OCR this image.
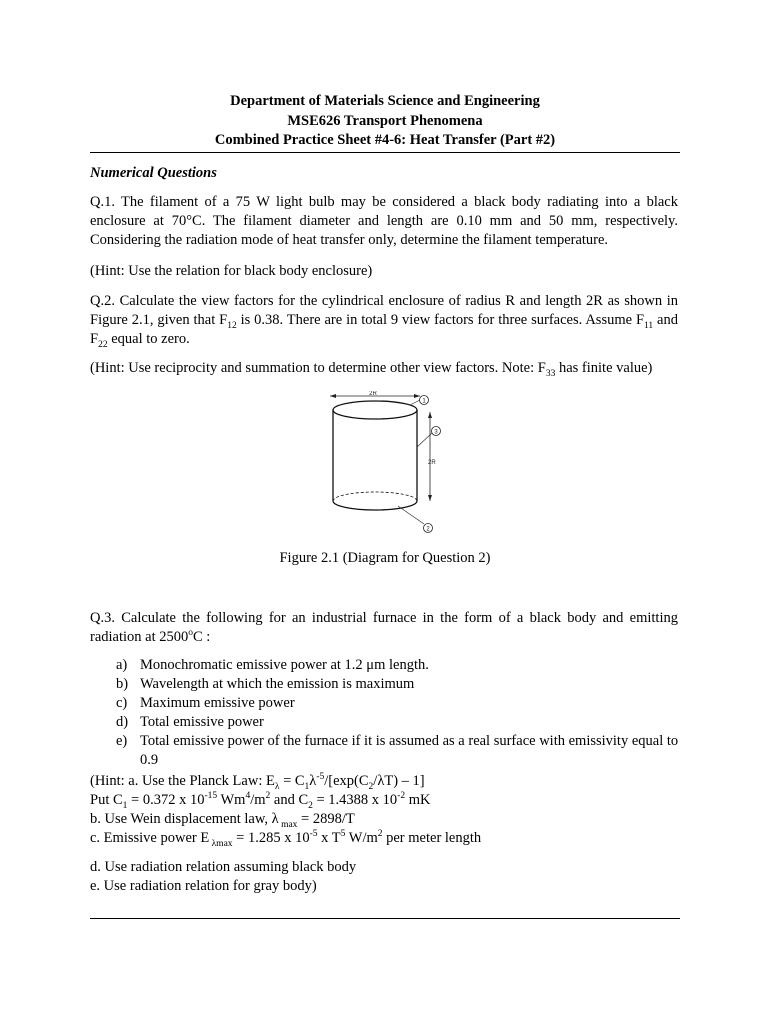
Department of Materials Science and Engineering
MSE626 Transport Phenomena
Combined Practice Sheet #4-6: Heat Transfer (Part #2)
Numerical Questions
Q.1. The filament of a 75 W light bulb may be considered a black body radiating into a black enclosure at 70°C. The filament diameter and length are 0.10 mm and 50 mm, respectively. Considering the radiation mode of heat transfer only, determine the filament temperature.
(Hint: Use the relation for black body enclosure)
Q.2. Calculate the view factors for the cylindrical enclosure of radius R and length 2R as shown in Figure 2.1, given that $F_{12}$ is 0.38. There are in total 9 view factors for three surfaces. Assume $F_{11}$ and $F_{22}$ equal to zero.
(Hint: Use reciprocity and summation to determine other view factors. Note: $F_{33}$ has finite value)
2R
2R
1
3
2
Figure 2.1 (Diagram for Question 2)
Q.3. Calculate the following for an industrial furnace in the form of a black body and emitting radiation at 2500$^o$C :
a) Monochromatic emissive power at 1.2 μm length.
b) Wavelength at which the emission is maximum
c) Maximum emissive power
d) Total emissive power
e) Total emissive power of the furnace if it is assumed as a real surface with emissivity equal to 0.9
(Hint: a. Use the Planck Law: $E_\lambda = C_1\lambda^{-5}/[\exp(C_2/\lambda T) - 1]$
Put $C_1 = 0.372$ x $10^{-15}$ $Wm^4/m^2$ and $C_2 = 1.4388$ x $10^{-2}$ mK
b. Use Wein displacement law, λ $_{max}$ = 2898/T
c. Emissive power E $_{\lambda max}$ = 1.285 x $10^{-5}$ x $T^5$ $W/m^2$ per meter length
d. Use radiation relation assuming black body
e. Use radiation relation for gray body)
